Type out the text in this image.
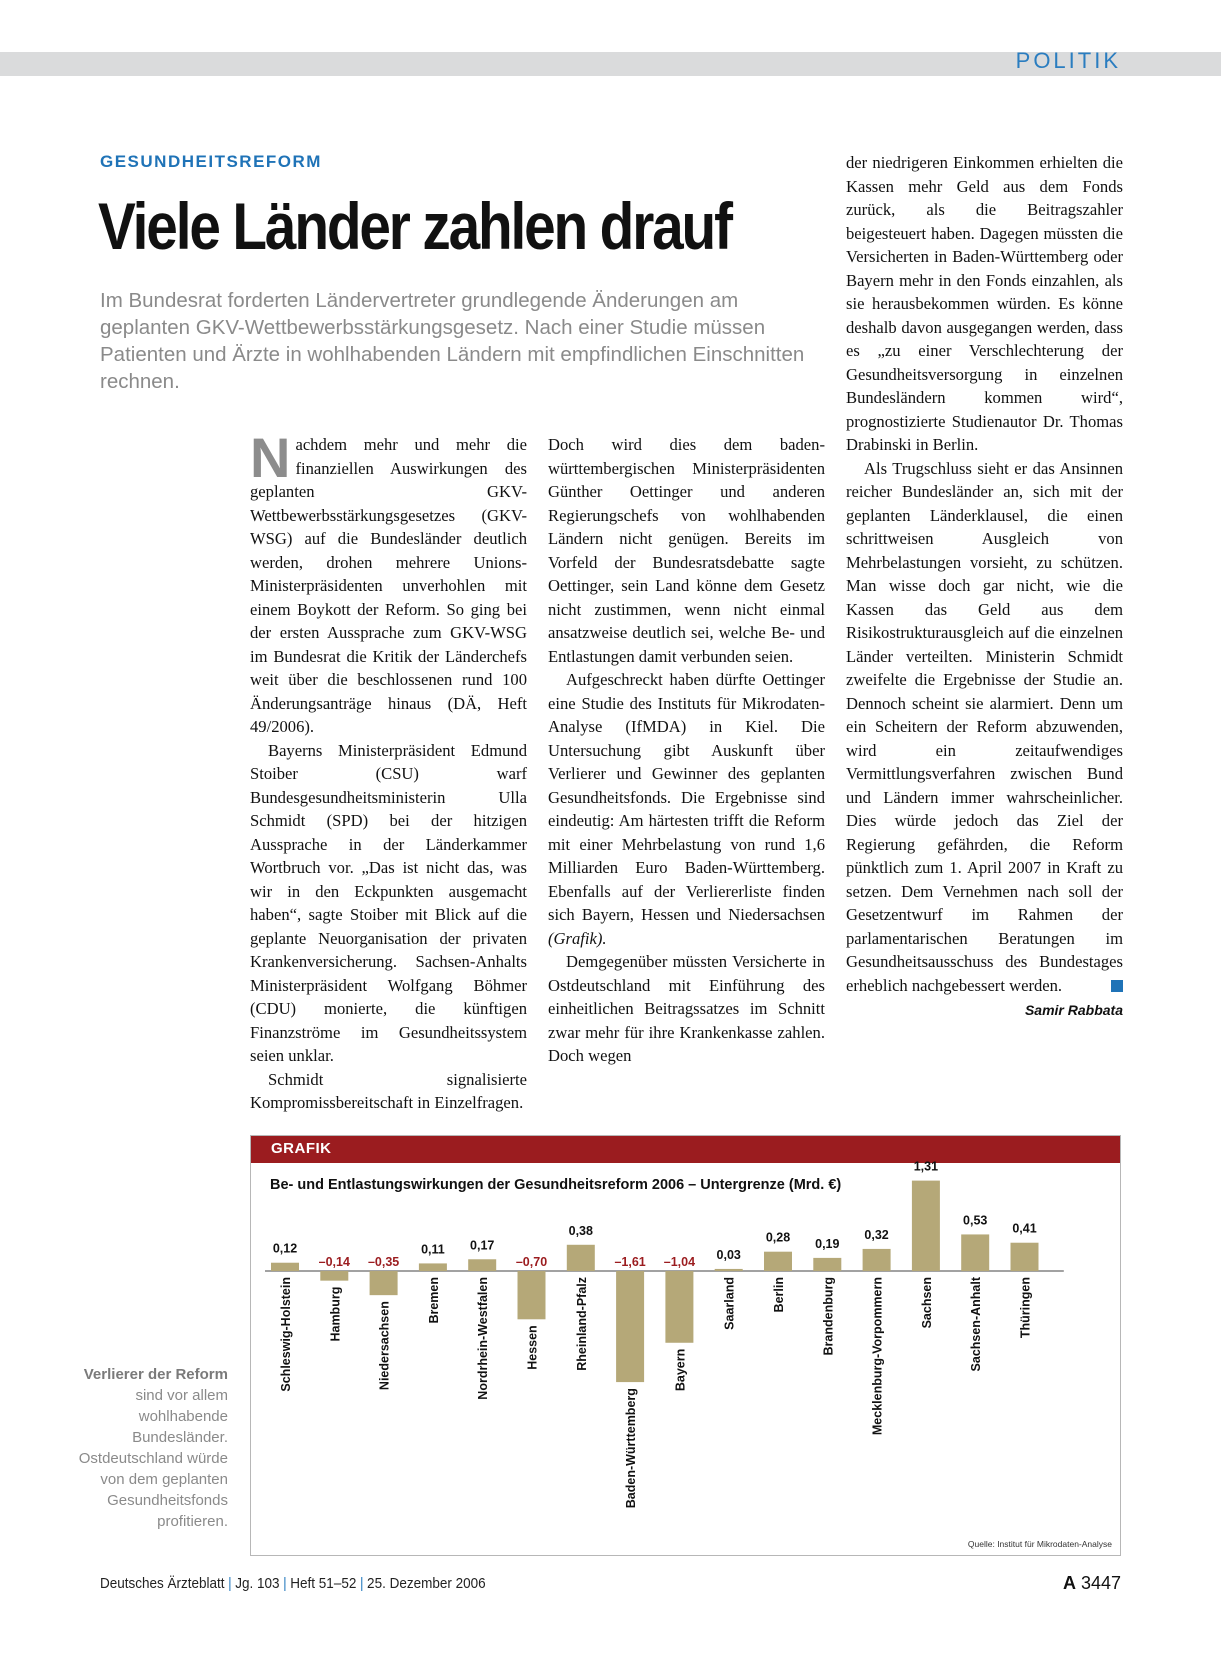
POLITIK
GESUNDHEITSREFORM
Viele Länder zahlen drauf
Im Bundesrat forderten Ländervertreter grundlegende Änderungen am geplanten GKV-Wettbewerbsstärkungsgesetz. Nach einer Studie müssen Patienten und Ärzte in wohlhabenden Ländern mit empfindlichen Einschnitten rechnen.

Nachdem mehr und mehr die finanziellen Auswirkungen des geplanten GKV-Wettbewerbsstärkungsgesetzes (GKV-WSG) auf die Bundesländer deutlich werden, drohen mehrere Unions-Ministerpräsidenten unverhohlen mit einem Boykott der Reform. So ging bei der ersten Aussprache zum GKV-WSG im Bundesrat die Kritik der Länderchefs weit über die beschlossenen rund 100 Änderungsanträge hinaus (DÄ, Heft 49/2006).

Bayerns Ministerpräsident Edmund Stoiber (CSU) warf Bundesgesundheitsministerin Ulla Schmidt (SPD) bei der hitzigen Aussprache in der Länderkammer Wortbruch vor. „Das ist nicht das, was wir in den Eckpunkten ausgemacht haben“, sagte Stoiber mit Blick auf die geplante Neuorganisation der privaten Krankenversicherung. Sachsen-Anhalts Ministerpräsident Wolfgang Böhmer (CDU) monierte, die künftigen Finanzströme im Gesundheitssystem seien unklar.

Schmidt signalisierte Kompromissbereitschaft in Einzelfragen.

Doch wird dies dem baden-württembergischen Ministerpräsidenten Günther Oettinger und anderen Regierungschefs von wohlhabenden Ländern nicht genügen. Bereits im Vorfeld der Bundesratsdebatte sagte Oettinger, sein Land könne dem Gesetz nicht zustimmen, wenn nicht einmal ansatzweise deutlich sei, welche Be- und Entlastungen damit verbunden seien.

Aufgeschreckt haben dürfte Oettinger eine Studie des Instituts für Mikrodaten-Analyse (IfMDA) in Kiel. Die Untersuchung gibt Auskunft über Verlierer und Gewinner des geplanten Gesundheitsfonds. Die Ergebnisse sind eindeutig: Am härtesten trifft die Reform mit einer Mehrbelastung von rund 1,6 Milliarden Euro Baden-Württemberg. Ebenfalls auf der Verliererliste finden sich Bayern, Hessen und Niedersachsen (Grafik).

Demgegenüber müssten Versicherte in Ostdeutschland mit Einführung des einheitlichen Beitragssatzes im Schnitt zwar mehr für ihre Krankenkasse zahlen. Doch wegen

der niedrigeren Einkommen erhielten die Kassen mehr Geld aus dem Fonds zurück, als die Beitragszahler beigesteuert haben. Dagegen müssten die Versicherten in Baden-Württemberg oder Bayern mehr in den Fonds einzahlen, als sie herausbekommen würden. Es könne deshalb davon ausgegangen werden, dass es „zu einer Verschlechterung der Gesundheitsversorgung in einzelnen Bundesländern kommen wird“, prognostizierte Studienautor Dr. Thomas Drabinski in Berlin.

Als Trugschluss sieht er das Ansinnen reicher Bundesländer an, sich mit der geplanten Länderklausel, die einen schrittweisen Ausgleich von Mehrbelastungen vorsieht, zu schützen. Man wisse doch gar nicht, wie die Kassen das Geld aus dem Risikostrukturausgleich auf die einzelnen Länder verteilten. Ministerin Schmidt zweifelte die Ergebnisse der Studie an. Dennoch scheint sie alarmiert. Denn um ein Scheitern der Reform abzuwenden, wird ein zeitaufwendiges Vermittlungsverfahren zwischen Bund und Ländern immer wahrscheinlicher. Dies würde jedoch das Ziel der Regierung gefährden, die Reform pünktlich zum 1. April 2007 in Kraft zu setzen. Dem Vernehmen nach soll der Gesetzentwurf im Rahmen der parlamentarischen Beratungen im Gesundheitsausschuss des Bundestages erheblich nachgebessert werden.

Samir Rabbata
Verlierer der Reform
sind vor allem wohlhabende Bundesländer. Ostdeutschland würde von dem geplanten Gesundheitsfonds profitieren.
GRAFIK
Be- und Entlastungswirkungen der Gesundheitsreform 2006 – Untergrenze (Mrd. €)
0,12
Schleswig-Holstein
–0,14
Hamburg
–0,35
Niedersachsen
0,11
Bremen
0,17
Nordrhein-Westfalen
–0,70
Hessen
0,38
Rheinland-Pfalz
–1,61
Baden-Württemberg
–1,04
Bayern
0,03
Saarland
0,28
Berlin
0,19
Brandenburg
0,32
Mecklenburg-Vorpommern
1,31
Sachsen
0,53
Sachsen-Anhalt
0,41
Thüringen
Quelle: Institut für Mikrodaten-Analyse
Deutsches Ärzteblatt | Jg. 103 | Heft 51–52 | 25. Dezember 2006	A 3447
